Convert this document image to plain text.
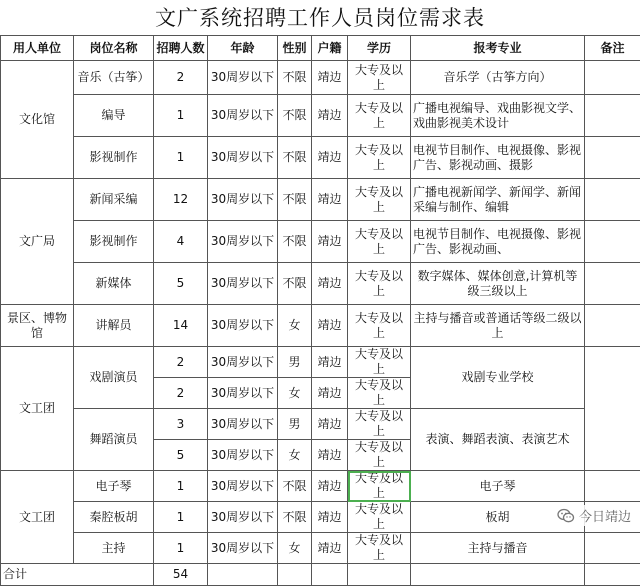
文广系统招聘工作人员岗位需求表
用人单位	岗位名称	招聘人数	年龄	性别	户籍	学历	报考专业	备注
文化馆	音乐（古筝）	2	30周岁以下	不限	靖边	大专及以上	音乐学（古筝方向）	
	编导	1	30周岁以下	不限	靖边	大专及以上	广播电视编导、戏曲影视文学、戏曲影视美术设计	
	影视制作	1	30周岁以下	不限	靖边	大专及以上	电视节目制作、电视摄像、影视广告、影视动画、摄影	
文广局	新闻采编	12	30周岁以下	不限	靖边	大专及以上	广播电视新闻学、新闻学、新闻采编与制作、编辑	
	影视制作	4	30周岁以下	不限	靖边	大专及以上	电视节目制作、电视摄像、影视广告、影视动画、	
	新媒体	5	30周岁以下	不限	靖边	大专及以上	数字媒体、媒体创意,计算机等级三级以上	
景区、博物馆	讲解员	14	30周岁以下	女	靖边	大专及以上	主持与播音或普通话等级二级以上	
文工团	戏剧演员	2	30周岁以下	男	靖边	大专及以上	戏剧专业学校	
		2	30周岁以下	女	靖边	大专及以上		
	舞蹈演员	3	30周岁以下	男	靖边	大专及以上	表演、舞蹈表演、表演艺术	
		5	30周岁以下	女	靖边	大专及以上		
文工团	电子琴	1	30周岁以下	不限	靖边	大专及以上	电子琴	
	秦腔板胡	1	30周岁以下	不限	靖边	大专及以上	板胡	
	主持	1	30周岁以下	女	靖边	大专及以上	主持与播音	
合计		54						
今日靖边
